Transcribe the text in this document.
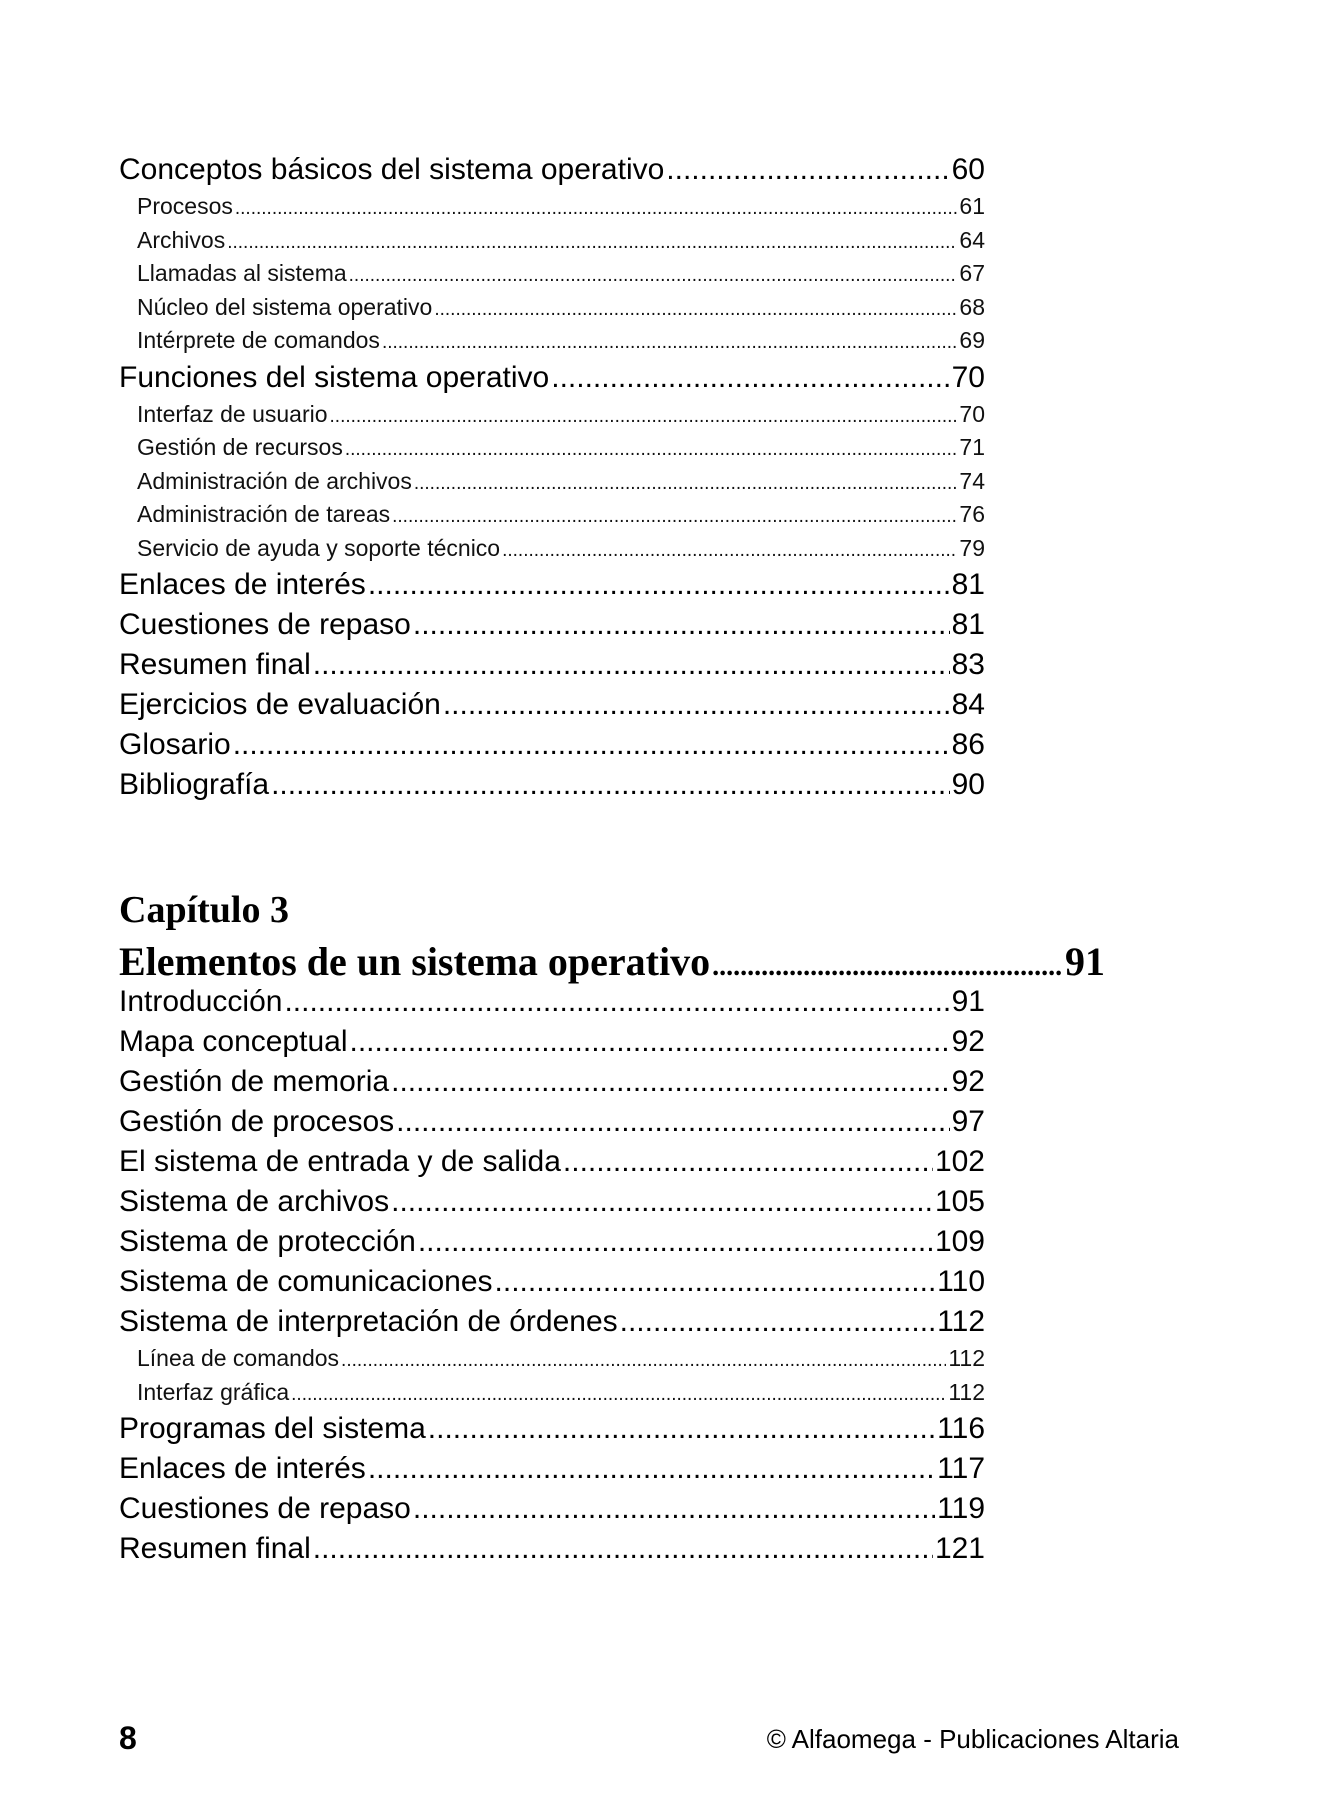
Conceptos básicos del sistema operativo .....	60
Procesos .....	61
Archivos .....	64
Llamadas al sistema .....	67
Núcleo del sistema operativo .....	68
Intérprete de comandos .....	69
Funciones del sistema operativo .....	70
Interfaz de usuario .....	70
Gestión de recursos .....	71
Administración de archivos .....	74
Administración de tareas .....	76
Servicio de ayuda y soporte técnico .....	79
Enlaces de interés .....	81
Cuestiones de repaso .....	81
Resumen final .....	83
Ejercicios de evaluación .....	84
Glosario .....	86
Bibliografía .....	90
Capítulo 3
Elementos de un sistema operativo .....	91
Introducción .....	91
Mapa conceptual .....	92
Gestión de memoria .....	92
Gestión de procesos .....	97
El sistema de entrada y de salida .....	102
Sistema de archivos .....	105
Sistema de protección .....	109
Sistema de comunicaciones .....	110
Sistema de interpretación de órdenes .....	112
Línea de comandos .....	112
Interfaz gráfica .....	112
Programas del sistema .....	116
Enlaces de interés .....	117
Cuestiones de repaso .....	119
Resumen final .....	121
8	© Alfaomega - Publicaciones Altaria
